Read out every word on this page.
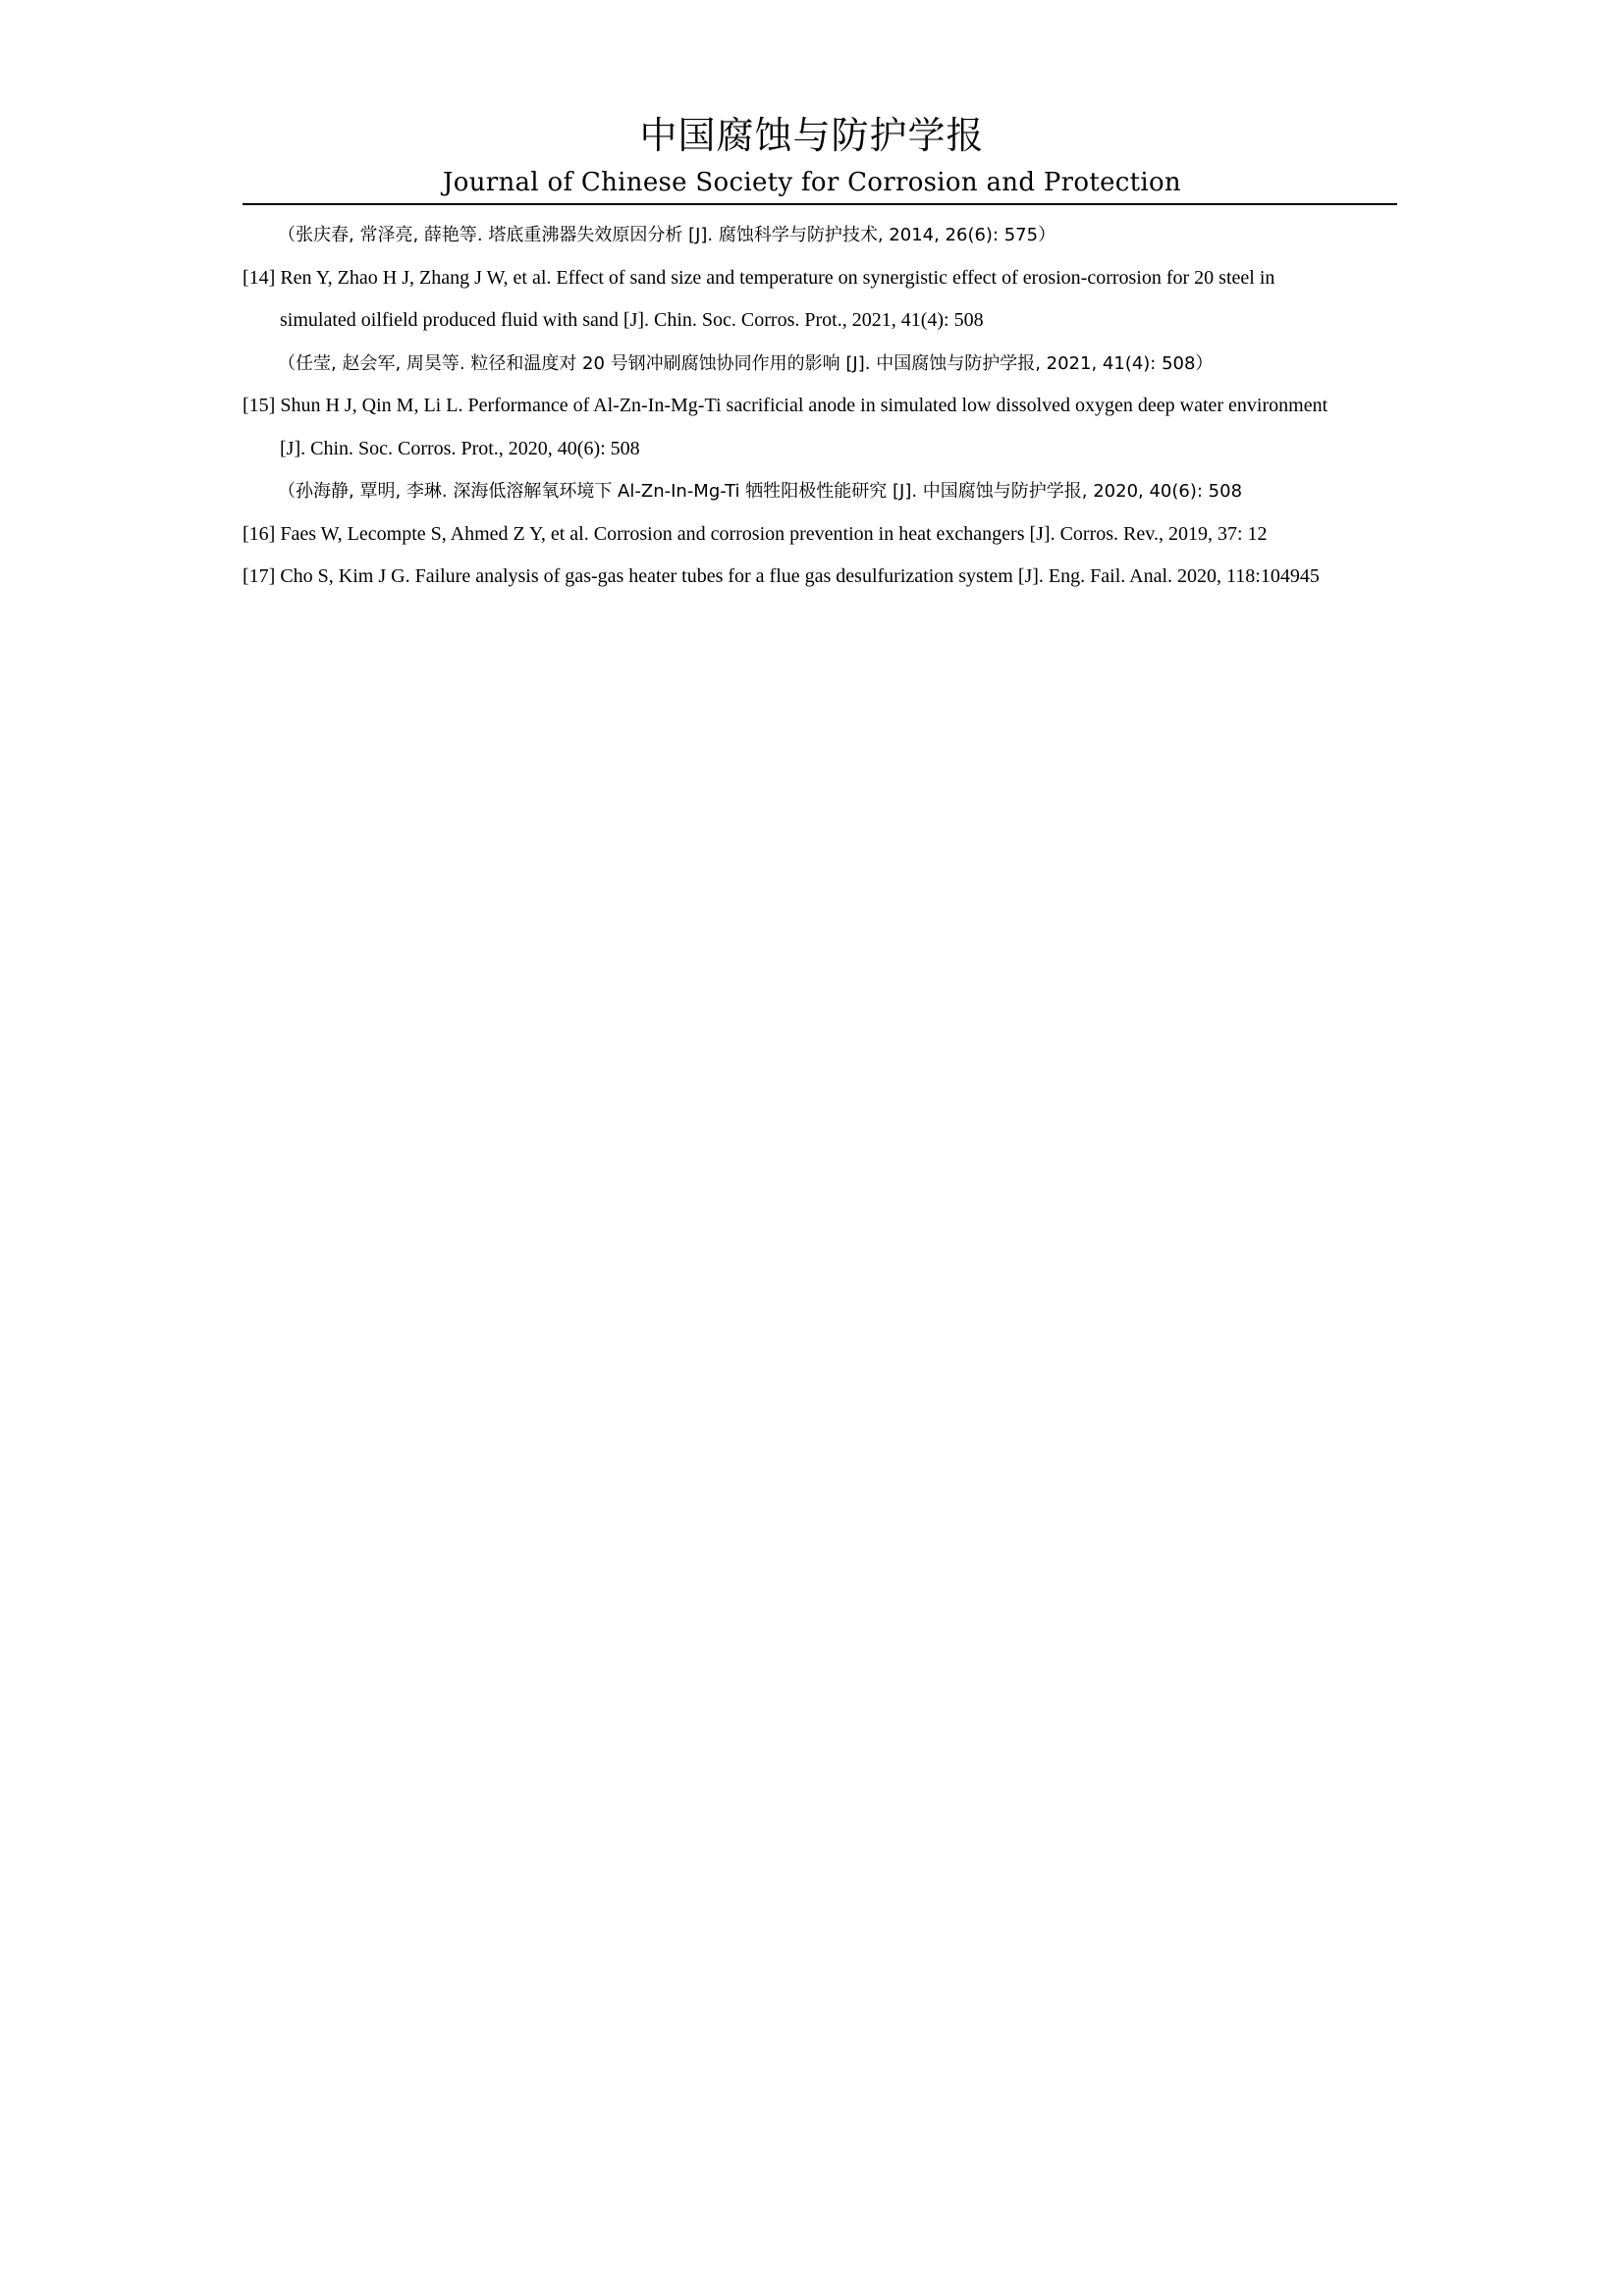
中国腐蚀与防护学报
Journal of Chinese Society for Corrosion and Protection
（张庆春, 常泽亮, 薛艳等. 塔底重沸器失效原因分析 [J]. 腐蚀科学与防护技术, 2014, 26(6): 575）
[14] Ren Y, Zhao H J, Zhang J W, et al. Effect of sand size and temperature on synergistic effect of erosion-corrosion for 20 steel in
simulated oilfield produced fluid with sand [J]. Chin. Soc. Corros. Prot., 2021, 41(4): 508
（任莹, 赵会军, 周昊等. 粒径和温度对 20 号钢冲刷腐蚀协同作用的影响 [J]. 中国腐蚀与防护学报, 2021, 41(4): 508）
[15] Shun H J, Qin M, Li L. Performance of Al-Zn-In-Mg-Ti sacrificial anode in simulated low dissolved oxygen deep water environment
[J]. Chin. Soc. Corros. Prot., 2020, 40(6): 508
（孙海静, 覃明, 李琳. 深海低溶解氧环境下 Al-Zn-In-Mg-Ti 牺牲阳极性能研究 [J]. 中国腐蚀与防护学报, 2020, 40(6): 508
[16] Faes W, Lecompte S, Ahmed Z Y, et al. Corrosion and corrosion prevention in heat exchangers [J]. Corros. Rev., 2019, 37: 12
[17] Cho S, Kim J G. Failure analysis of gas-gas heater tubes for a flue gas desulfurization system [J]. Eng. Fail. Anal. 2020, 118:104945
